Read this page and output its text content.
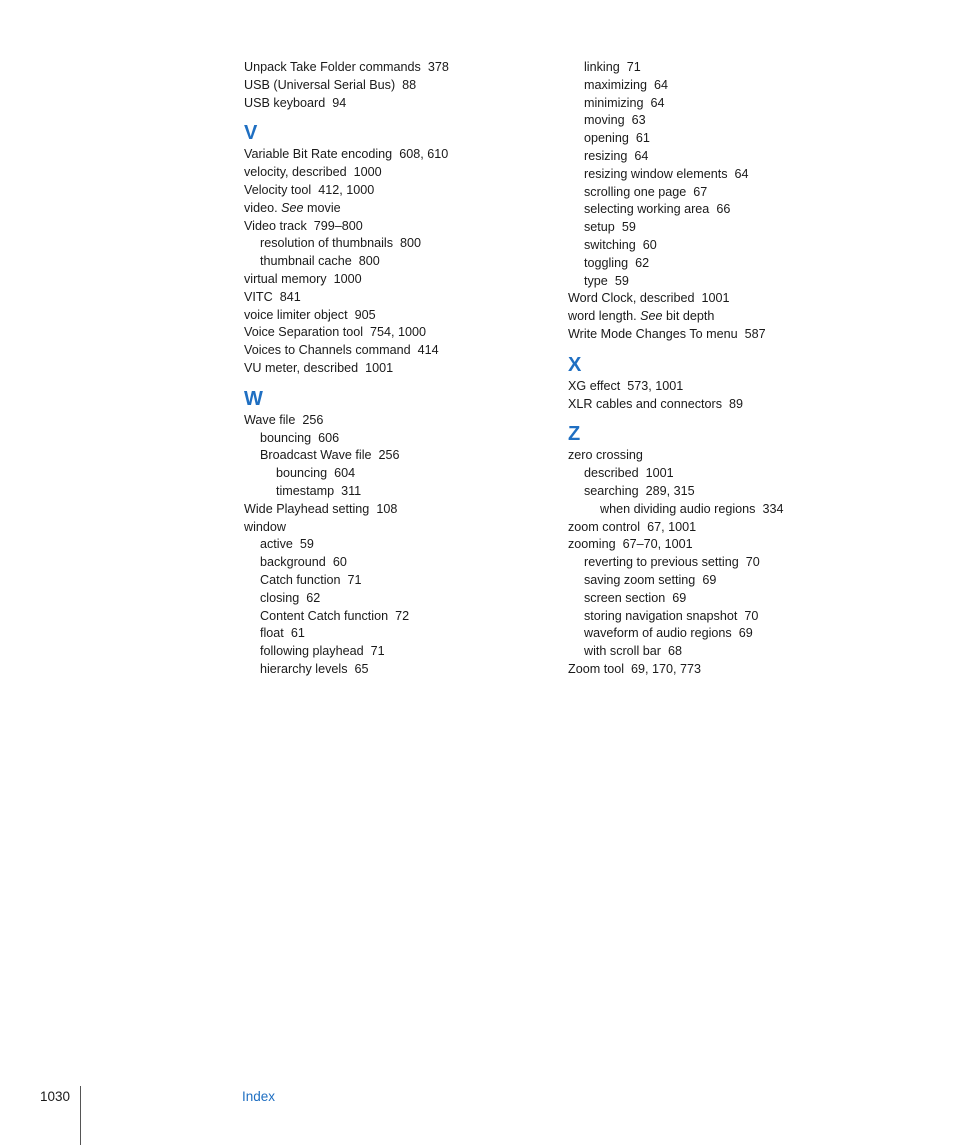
Unpack Take Folder commands 378
USB (Universal Serial Bus) 88
USB keyboard 94
V
Variable Bit Rate encoding 608, 610
velocity, described 1000
Velocity tool 412, 1000
video. See movie
Video track 799–800
resolution of thumbnails 800
thumbnail cache 800
virtual memory 1000
VITC 841
voice limiter object 905
Voice Separation tool 754, 1000
Voices to Channels command 414
VU meter, described 1001
W
Wave file 256
bouncing 606
Broadcast Wave file 256
bouncing 604
timestamp 311
Wide Playhead setting 108
window
active 59
background 60
Catch function 71
closing 62
Content Catch function 72
float 61
following playhead 71
hierarchy levels 65
linking 71
maximizing 64
minimizing 64
moving 63
opening 61
resizing 64
resizing window elements 64
scrolling one page 67
selecting working area 66
setup 59
switching 60
toggling 62
type 59
Word Clock, described 1001
word length. See bit depth
Write Mode Changes To menu 587
X
XG effect 573, 1001
XLR cables and connectors 89
Z
zero crossing
described 1001
searching 289, 315
when dividing audio regions 334
zoom control 67, 1001
zooming 67–70, 1001
reverting to previous setting 70
saving zoom setting 69
screen section 69
storing navigation snapshot 70
waveform of audio regions 69
with scroll bar 68
Zoom tool 69, 170, 773
1030	Index
